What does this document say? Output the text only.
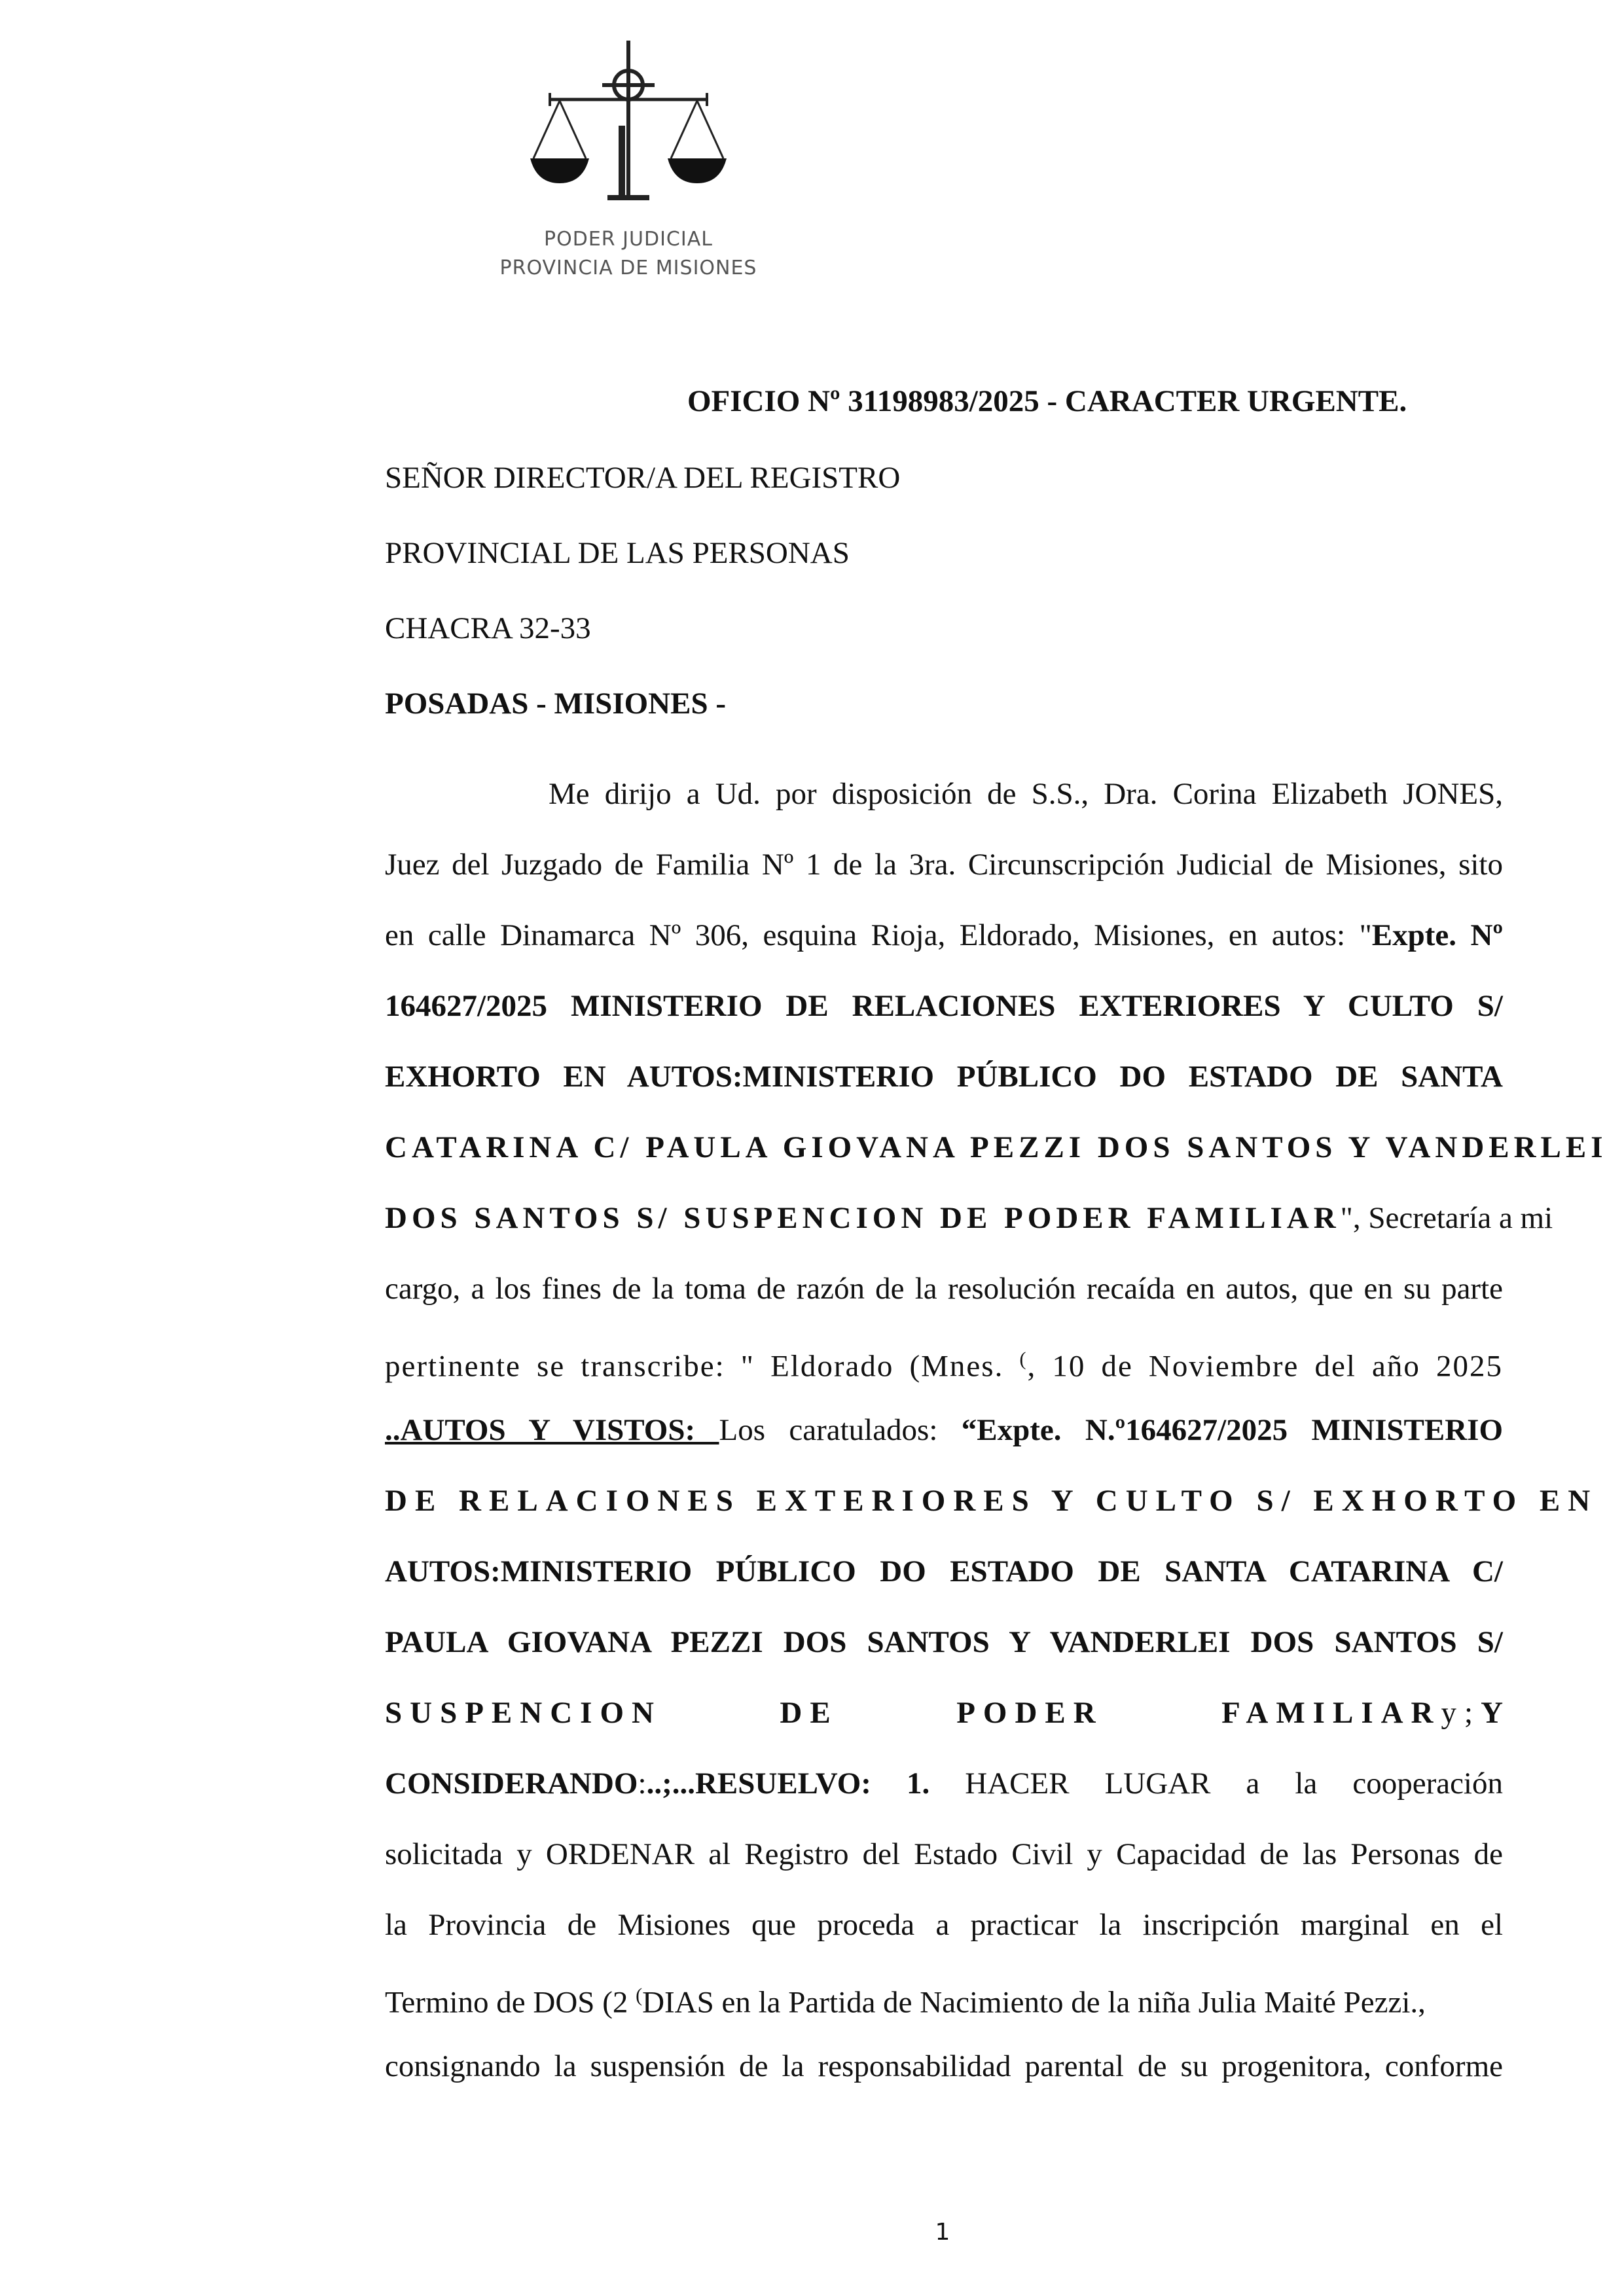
PODER JUDICIAL
PROVINCIA DE MISIONES
OFICIO Nº 31198983/2025 - CARACTER URGENTE.
SEÑOR DIRECTOR/A DEL REGISTRO
PROVINCIAL DE LAS PERSONAS
CHACRA 32-33
POSADAS - MISIONES -
Me dirijo a Ud. por disposición de S.S., Dra. Corina Elizabeth JONES,
Juez del Juzgado de Familia Nº 1 de la 3ra. Circunscripción Judicial de Misiones, sito
en calle Dinamarca Nº 306, esquina Rioja, Eldorado, Misiones, en autos: "Expte. Nº
164627/2025 MINISTERIO DE RELACIONES EXTERIORES Y CULTO S/
EXHORTO EN AUTOS:MINISTERIO PÚBLICO DO ESTADO DE SANTA
CATARINA C/ PAULA GIOVANA PEZZI DOS SANTOS Y VANDERLEI
DOS SANTOS S/ SUSPENCION DE PODER FAMILIAR", Secretaría a mi
cargo, a los fines de la toma de razón de la resolución recaída en autos, que en su parte
pertinente se transcribe: " Eldorado (Mnes. (, 10 de Noviembre del año 2025
..AUTOS Y VISTOS: Los caratulados: “Expte. N.º164627/2025 MINISTERIO
DE RELACIONES EXTERIORES Y CULTO S/ EXHORTO EN
AUTOS:MINISTERIO PÚBLICO DO ESTADO DE SANTA CATARINA C/
PAULA GIOVANA PEZZI DOS SANTOS Y VANDERLEI DOS SANTOS S/
SUSPENCION	DE	PODER	FAMILIARy;Y
CONSIDERANDO:..;...RESUELVO: 1. HACER LUGAR a la cooperación
solicitada y ORDENAR al Registro del Estado Civil y Capacidad de las Personas de
la Provincia de Misiones que proceda a practicar la inscripción marginal en el
Termino de DOS (2 (DIAS en la Partida de Nacimiento de la niña Julia Maité Pezzi.,
consignando la suspensión de la responsabilidad parental de su progenitora, conforme
1
